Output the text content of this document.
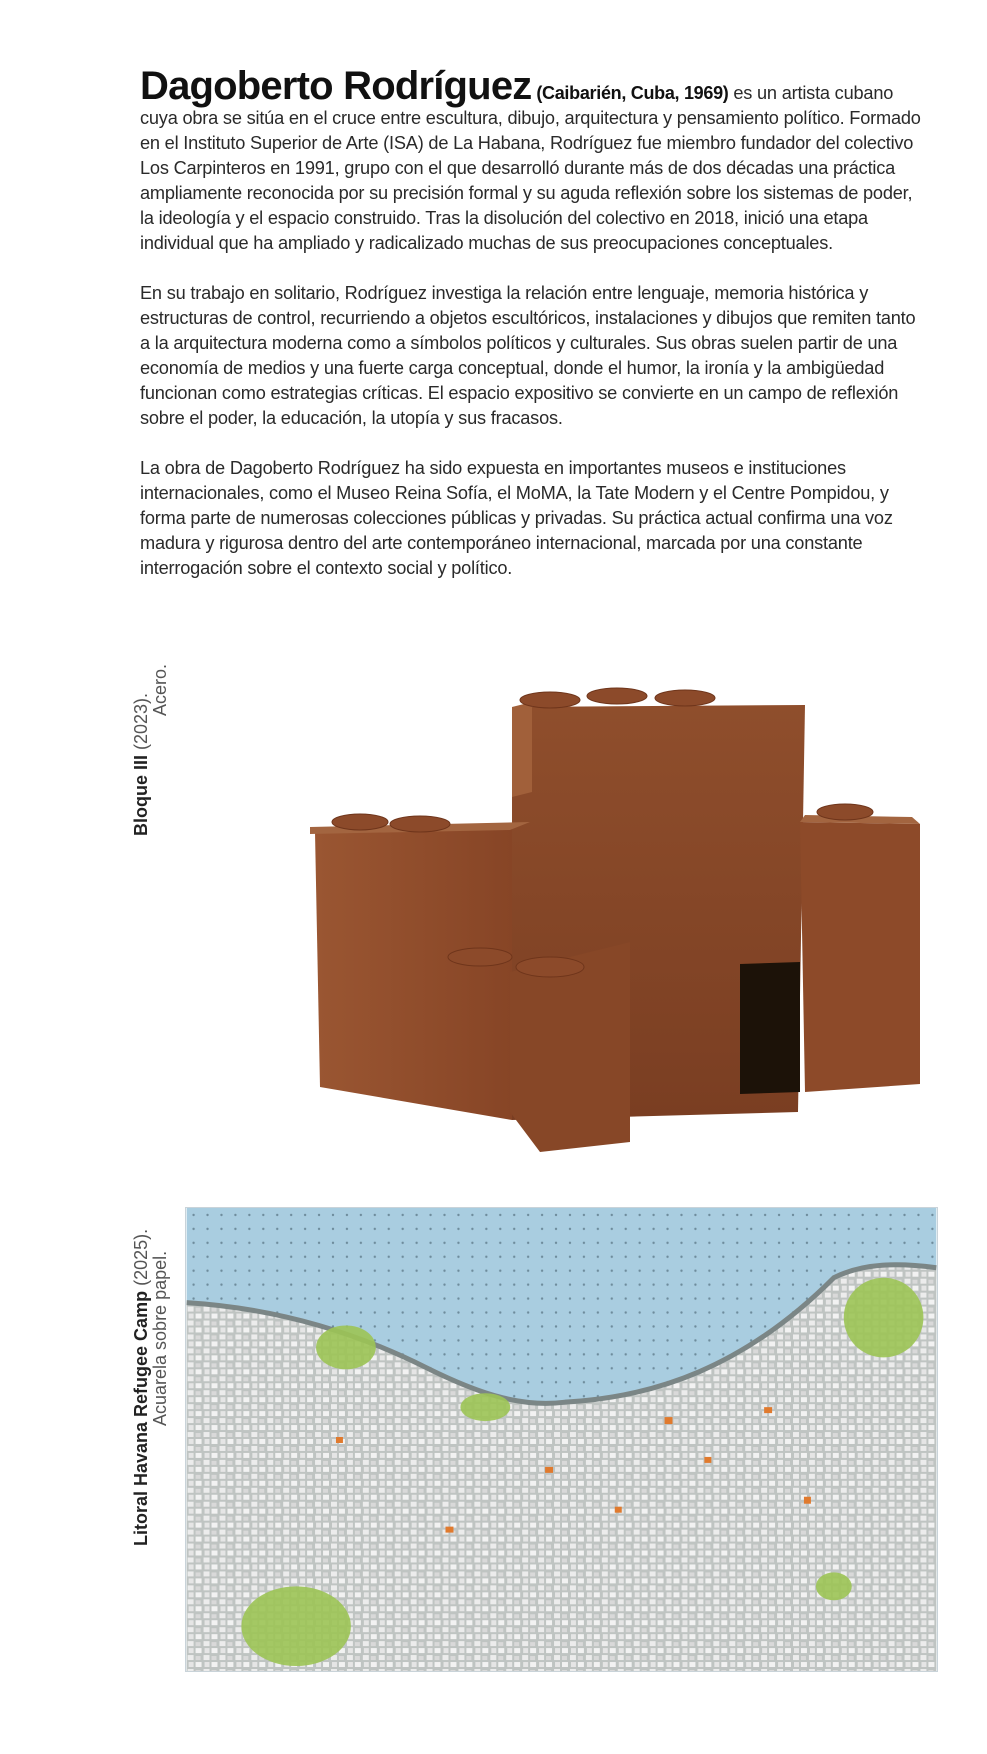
Dagoberto Rodríguez (Caibarién, Cuba, 1969) es un artista cubano cuya obra se sitúa en el cruce entre escultura, dibujo, arquitectura y pensamiento político. Formado en el Instituto Superior de Arte (ISA) de La Habana, Rodríguez fue miembro fundador del colectivo Los Carpinteros en 1991, grupo con el que desarrolló durante más de dos décadas una práctica ampliamente reconocida por su precisión formal y su aguda reflexión sobre los sistemas de poder, la ideología y el espacio construido. Tras la disolución del colectivo en 2018, inició una etapa individual que ha ampliado y radicalizado muchas de sus preocupaciones conceptuales.

En su trabajo en solitario, Rodríguez investiga la relación entre lenguaje, memoria histórica y estructuras de control, recurriendo a objetos escultóricos, instalaciones y dibujos que remiten tanto a la arquitectura moderna como a símbolos políticos y culturales. Sus obras suelen partir de una economía de medios y una fuerte carga conceptual, donde el humor, la ironía y la ambigüedad funcionan como estrategias críticas. El espacio expositivo se convierte en un campo de reflexión sobre el poder, la educación, la utopía y sus fracasos.

La obra de Dagoberto Rodríguez ha sido expuesta en importantes museos e instituciones internacionales, como el Museo Reina Sofía, el MoMA, la Tate Modern y el Centre Pompidou, y forma parte de numerosas colecciones públicas y privadas. Su práctica actual confirma una voz madura y rigurosa dentro del arte contemporáneo internacional, marcada por una constante interrogación sobre el contexto social y político.

Bloque III (2023).
Acero.
Litoral Havana Refugee Camp (2025). Acuarela sobre papel.
